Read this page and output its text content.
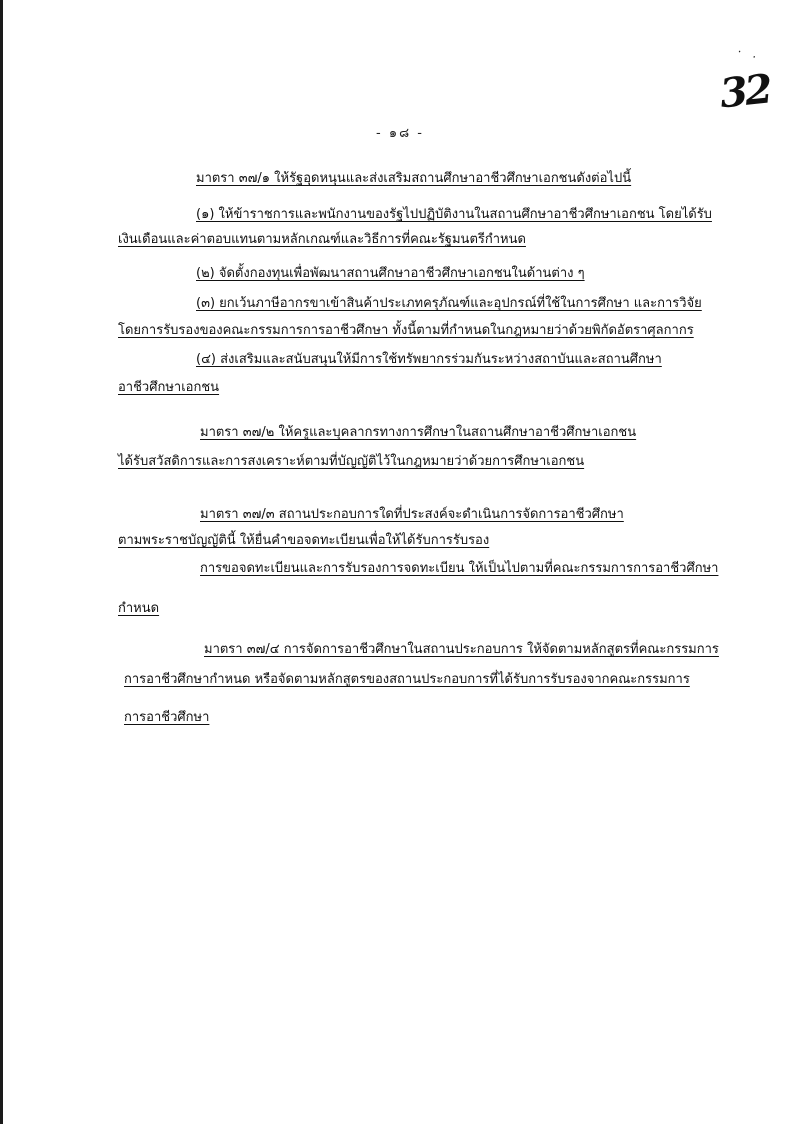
· ·
32
- ๑๘ -
มาตรา ๓๗/๑ ให้รัฐอุดหนุนและส่งเสริมสถานศึกษาอาชีวศึกษาเอกชนดังต่อไปนี้
(๑) ให้ข้าราชการและพนักงานของรัฐไปปฏิบัติงานในสถานศึกษาอาชีวศึกษาเอกชน โดยได้รับ
เงินเดือนและค่าตอบแทนตามหลักเกณฑ์และวิธีการที่คณะรัฐมนตรีกำหนด
(๒) จัดตั้งกองทุนเพื่อพัฒนาสถานศึกษาอาชีวศึกษาเอกชนในด้านต่าง ๆ
(๓) ยกเว้นภาษีอากรขาเข้าสินค้าประเภทครุภัณฑ์และอุปกรณ์ที่ใช้ในการศึกษา และการวิจัย
โดยการรับรองของคณะกรรมการการอาชีวศึกษา ทั้งนี้ตามที่กำหนดในกฎหมายว่าด้วยพิกัดอัตราศุลกากร
(๔) ส่งเสริมและสนับสนุนให้มีการใช้ทรัพยากรร่วมกันระหว่างสถาบันและสถานศึกษา
อาชีวศึกษาเอกชน
มาตรา ๓๗/๒ ให้ครูและบุคลากรทางการศึกษาในสถานศึกษาอาชีวศึกษาเอกชน
ได้รับสวัสดิการและการสงเคราะห์ตามที่บัญญัติไว้ในกฎหมายว่าด้วยการศึกษาเอกชน
มาตรา ๓๗/๓ สถานประกอบการใดที่ประสงค์จะดำเนินการจัดการอาชีวศึกษา
ตามพระราชบัญญัตินี้ ให้ยื่นคำขอจดทะเบียนเพื่อให้ได้รับการรับรอง
การขอจดทะเบียนและการรับรองการจดทะเบียน ให้เป็นไปตามที่คณะกรรมการการอาชีวศึกษา
กำหนด
มาตรา ๓๗/๔ การจัดการอาชีวศึกษาในสถานประกอบการ ให้จัดตามหลักสูตรที่คณะกรรมการ
การอาชีวศึกษากำหนด หรือจัดตามหลักสูตรของสถานประกอบการที่ได้รับการรับรองจากคณะกรรมการ
การอาชีวศึกษา
